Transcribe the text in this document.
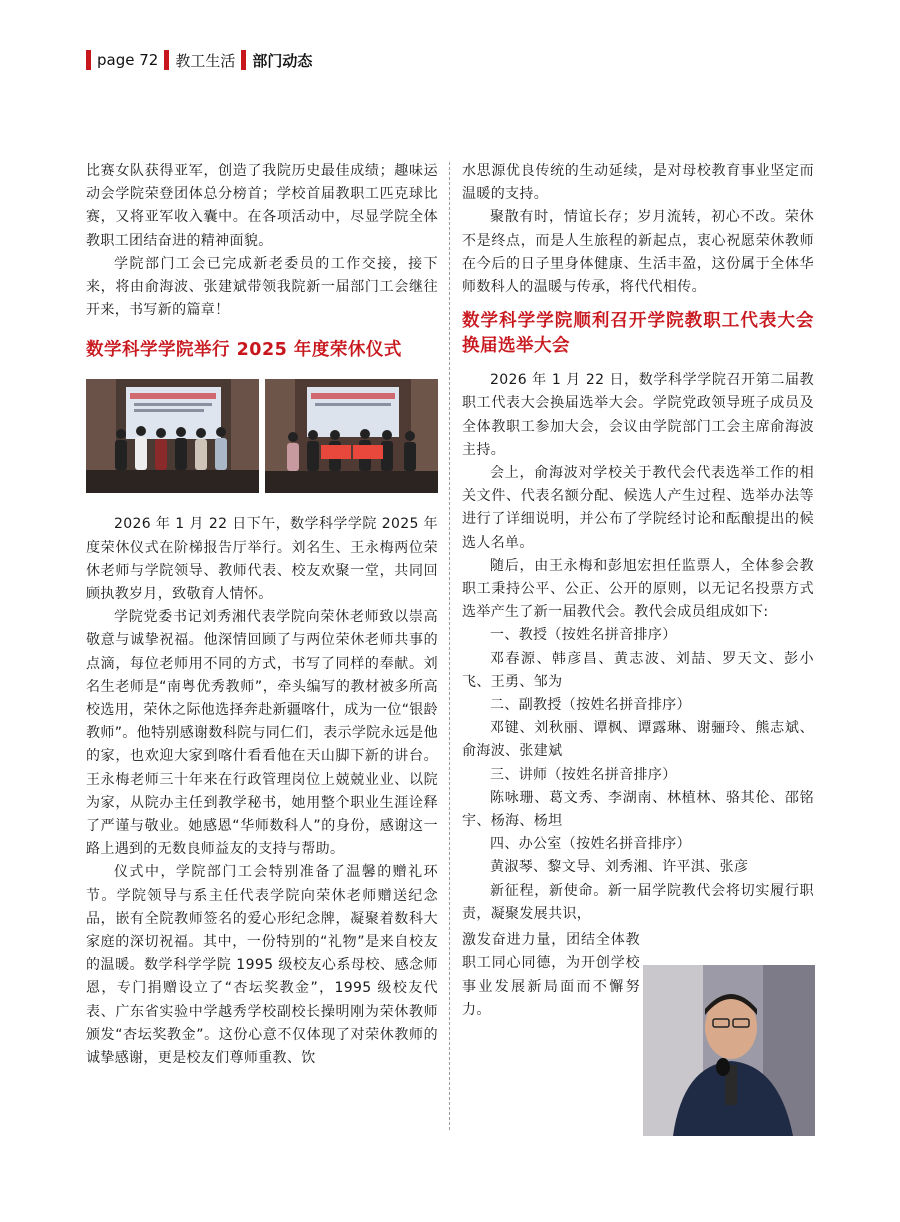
page 72 教工生活 部门动态

比赛女队获得亚军，创造了我院历史最佳成绩；趣味运动会学院荣登团体总分榜首；学校首届教职工匹克球比赛，又将亚军收入囊中。在各项活动中，尽显学院全体教职工团结奋进的精神面貌。

学院部门工会已完成新老委员的工作交接，接下来，将由俞海波、张建斌带领我院新一届部门工会继往开来，书写新的篇章！

数学科学学院举行 2025 年度荣休仪式

2026 年 1 月 22 日下午，数学科学学院 2025 年度荣休仪式在阶梯报告厅举行。刘名生、王永梅两位荣休老师与学院领导、教师代表、校友欢聚一堂，共同回顾执教岁月，致敬育人情怀。

学院党委书记刘秀湘代表学院向荣休老师致以崇高敬意与诚挚祝福。他深情回顾了与两位荣休老师共事的点滴，每位老师用不同的方式，书写了同样的奉献。刘名生老师是“南粤优秀教师”，牵头编写的教材被多所高校选用，荣休之际他选择奔赴新疆喀什，成为一位“银龄教师”。他特别感谢数科院与同仁们，表示学院永远是他的家，也欢迎大家到喀什看看他在天山脚下新的讲台。王永梅老师三十年来在行政管理岗位上兢兢业业、以院为家，从院办主任到教学秘书，她用整个职业生涯诠释了严谨与敬业。她感恩“华师数科人”的身份，感谢这一路上遇到的无数良师益友的支持与帮助。

仪式中，学院部门工会特别准备了温馨的赠礼环节。学院领导与系主任代表学院向荣休老师赠送纪念品，嵌有全院教师签名的爱心形纪念牌，凝聚着数科大家庭的深切祝福。其中，一份特别的“礼物”是来自校友的温暖。数学科学学院 1995 级校友心系母校、感念师恩，专门捐赠设立了“杏坛奖教金”，1995 级校友代表、广东省实验中学越秀学校副校长操明刚为荣休教师颁发“杏坛奖教金”。这份心意不仅体现了对荣休教师的诚挚感谢，更是校友们尊师重教、饮

水思源优良传统的生动延续，是对母校教育事业坚定而温暖的支持。

聚散有时，情谊长存；岁月流转，初心不改。荣休不是终点，而是人生旅程的新起点，衷心祝愿荣休教师在今后的日子里身体健康、生活丰盈，这份属于全体华师数科人的温暖与传承，将代代相传。

数学科学学院顺利召开学院教职工代表大会换届选举大会

2026 年 1 月 22 日，数学科学学院召开第二届教职工代表大会换届选举大会。学院党政领导班子成员及全体教职工参加大会，会议由学院部门工会主席俞海波主持。

会上，俞海波对学校关于教代会代表选举工作的相关文件、代表名额分配、候选人产生过程、选举办法等进行了详细说明，并公布了学院经讨论和酝酿提出的候选人名单。

随后，由王永梅和彭旭宏担任监票人，全体参会教职工秉持公平、公正、公开的原则，以无记名投票方式选举产生了新一届教代会。教代会成员组成如下:

一、教授（按姓名拼音排序）

邓春源、韩彦昌、黄志波、刘喆、罗天文、彭小飞、王勇、邹为

二、副教授（按姓名拼音排序）

邓键、刘秋丽、谭枫、谭露琳、谢骊玲、熊志斌、俞海波、张建斌

三、讲师（按姓名拼音排序）

陈咏珊、葛文秀、李湖南、林植林、骆其伦、邵铭宇、杨海、杨坦

四、办公室（按姓名拼音排序）

黄淑琴、黎文导、刘秀湘、许平淇、张彦

新征程，新使命。新一届学院教代会将切实履行职责，凝聚发展共识，

激发奋进力量，团结全体教职工同心同德，为开创学校事业发展新局面而不懈努力。
